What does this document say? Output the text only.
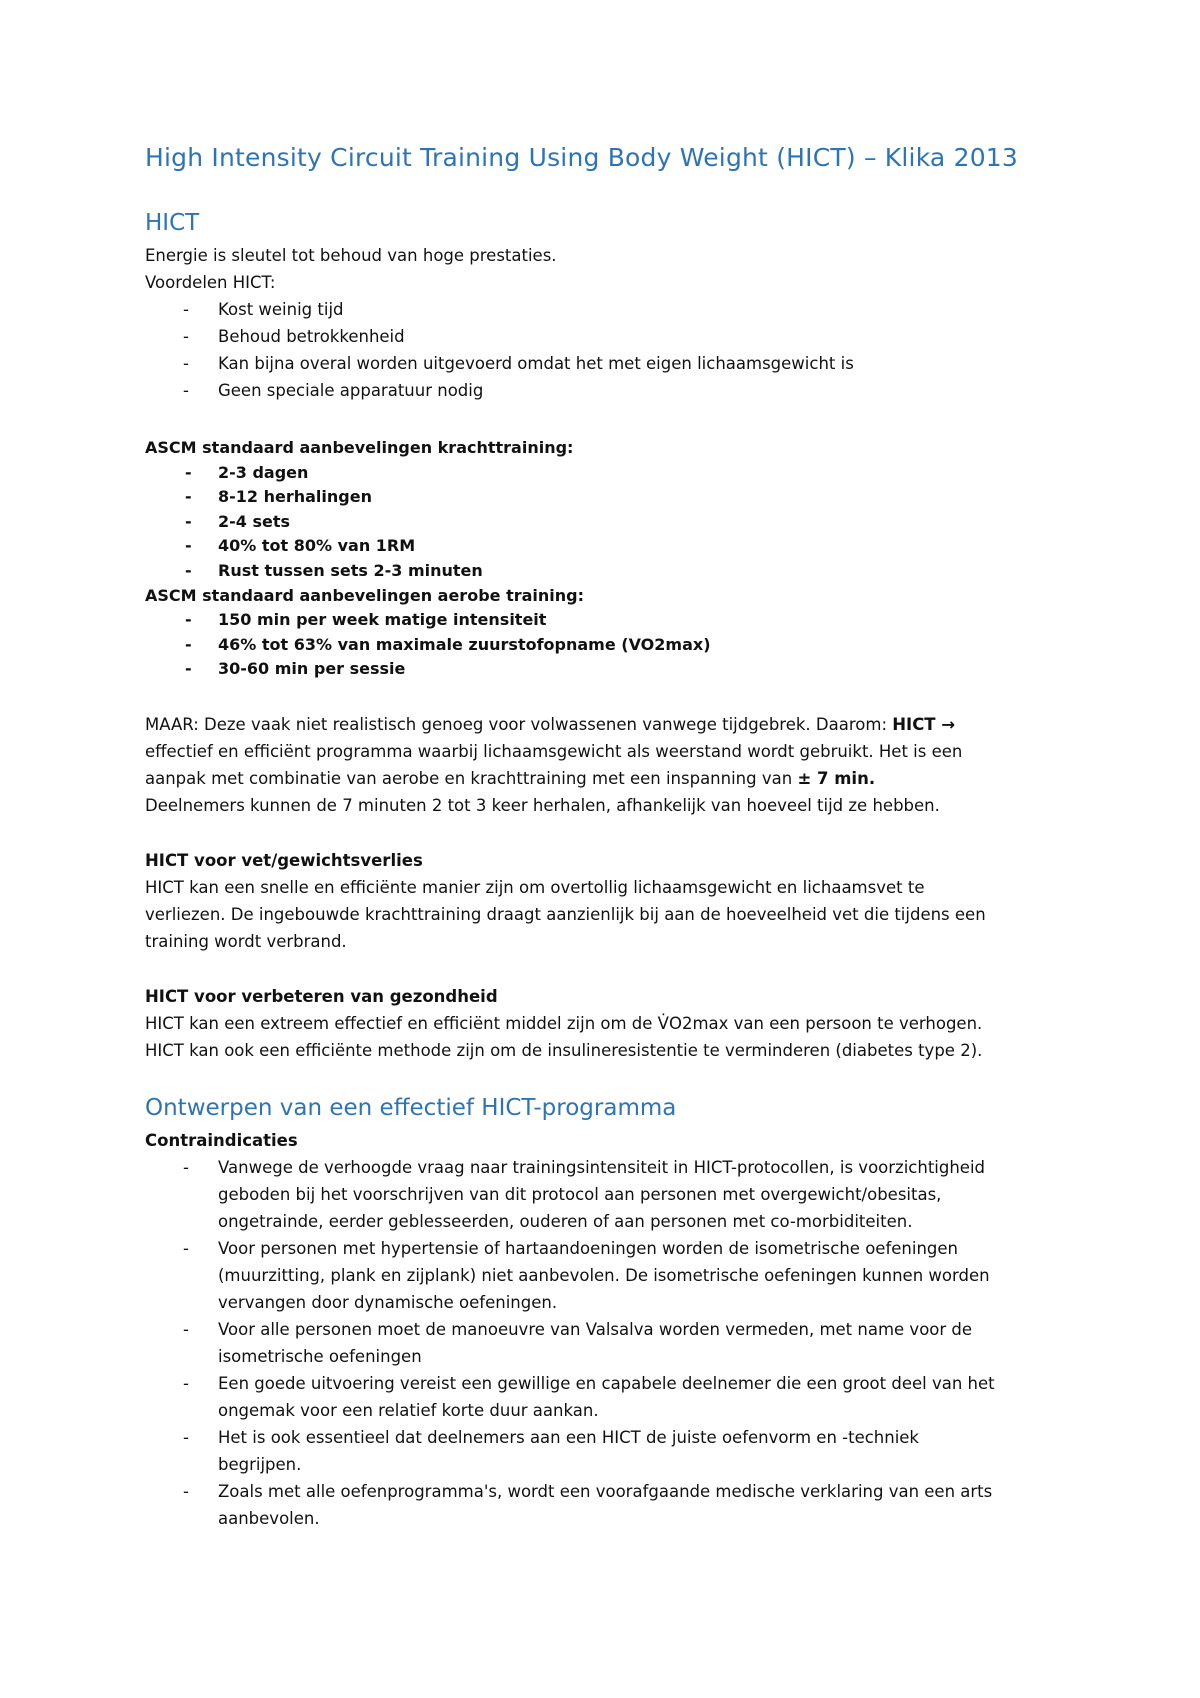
High Intensity Circuit Training Using Body Weight (HICT) – Klika 2013
HICT

Energie is sleutel tot behoud van hoge prestaties.

Voordelen HICT:

- Kost weinig tijd
- Behoud betrokkenheid
- Kan bijna overal worden uitgevoerd omdat het met eigen lichaamsgewicht is
- Geen speciale apparatuur nodig

ASCM standaard aanbevelingen krachttraining:

- 2-3 dagen
- 8-12 herhalingen
- 2-4 sets
- 40% tot 80% van 1RM
- Rust tussen sets 2-3 minuten

ASCM standaard aanbevelingen aerobe training:

- 150 min per week matige intensiteit
- 46% tot 63% van maximale zuurstofopname (VO2max)
- 30-60 min per sessie

MAAR: Deze vaak niet realistisch genoeg voor volwassenen vanwege tijdgebrek. Daarom: HICT →

effectief en efficiënt programma waarbij lichaamsgewicht als weerstand wordt gebruikt. Het is een

aanpak met combinatie van aerobe en krachttraining met een inspanning van ± 7 min.

Deelnemers kunnen de 7 minuten 2 tot 3 keer herhalen, afhankelijk van hoeveel tijd ze hebben.

HICT voor vet/gewichtsverlies

HICT kan een snelle en efficiënte manier zijn om overtollig lichaamsgewicht en lichaamsvet te

verliezen. De ingebouwde krachttraining draagt aanzienlijk bij aan de hoeveelheid vet die tijdens een

training wordt verbrand.

HICT voor verbeteren van gezondheid

HICT kan een extreem effectief en efficiënt middel zijn om de V̇O2max van een persoon te verhogen.

HICT kan ook een efficiënte methode zijn om de insulineresistentie te verminderen (diabetes type 2).

Ontwerpen van een effectief HICT-programma

Contraindicaties

- Vanwege de verhoogde vraag naar trainingsintensiteit in HICT-protocollen, is voorzichtigheid
geboden bij het voorschrijven van dit protocol aan personen met overgewicht/obesitas,
ongetrainde, eerder geblesseerden, ouderen of aan personen met co-morbiditeiten.
- Voor personen met hypertensie of hartaandoeningen worden de isometrische oefeningen
(muurzitting, plank en zijplank) niet aanbevolen. De isometrische oefeningen kunnen worden
vervangen door dynamische oefeningen.
- Voor alle personen moet de manoeuvre van Valsalva worden vermeden, met name voor de
isometrische oefeningen
- Een goede uitvoering vereist een gewillige en capabele deelnemer die een groot deel van het
ongemak voor een relatief korte duur aankan.
- Het is ook essentieel dat deelnemers aan een HICT de juiste oefenvorm en -techniek
begrijpen.
- Zoals met alle oefenprogramma's, wordt een voorafgaande medische verklaring van een arts
aanbevolen.
